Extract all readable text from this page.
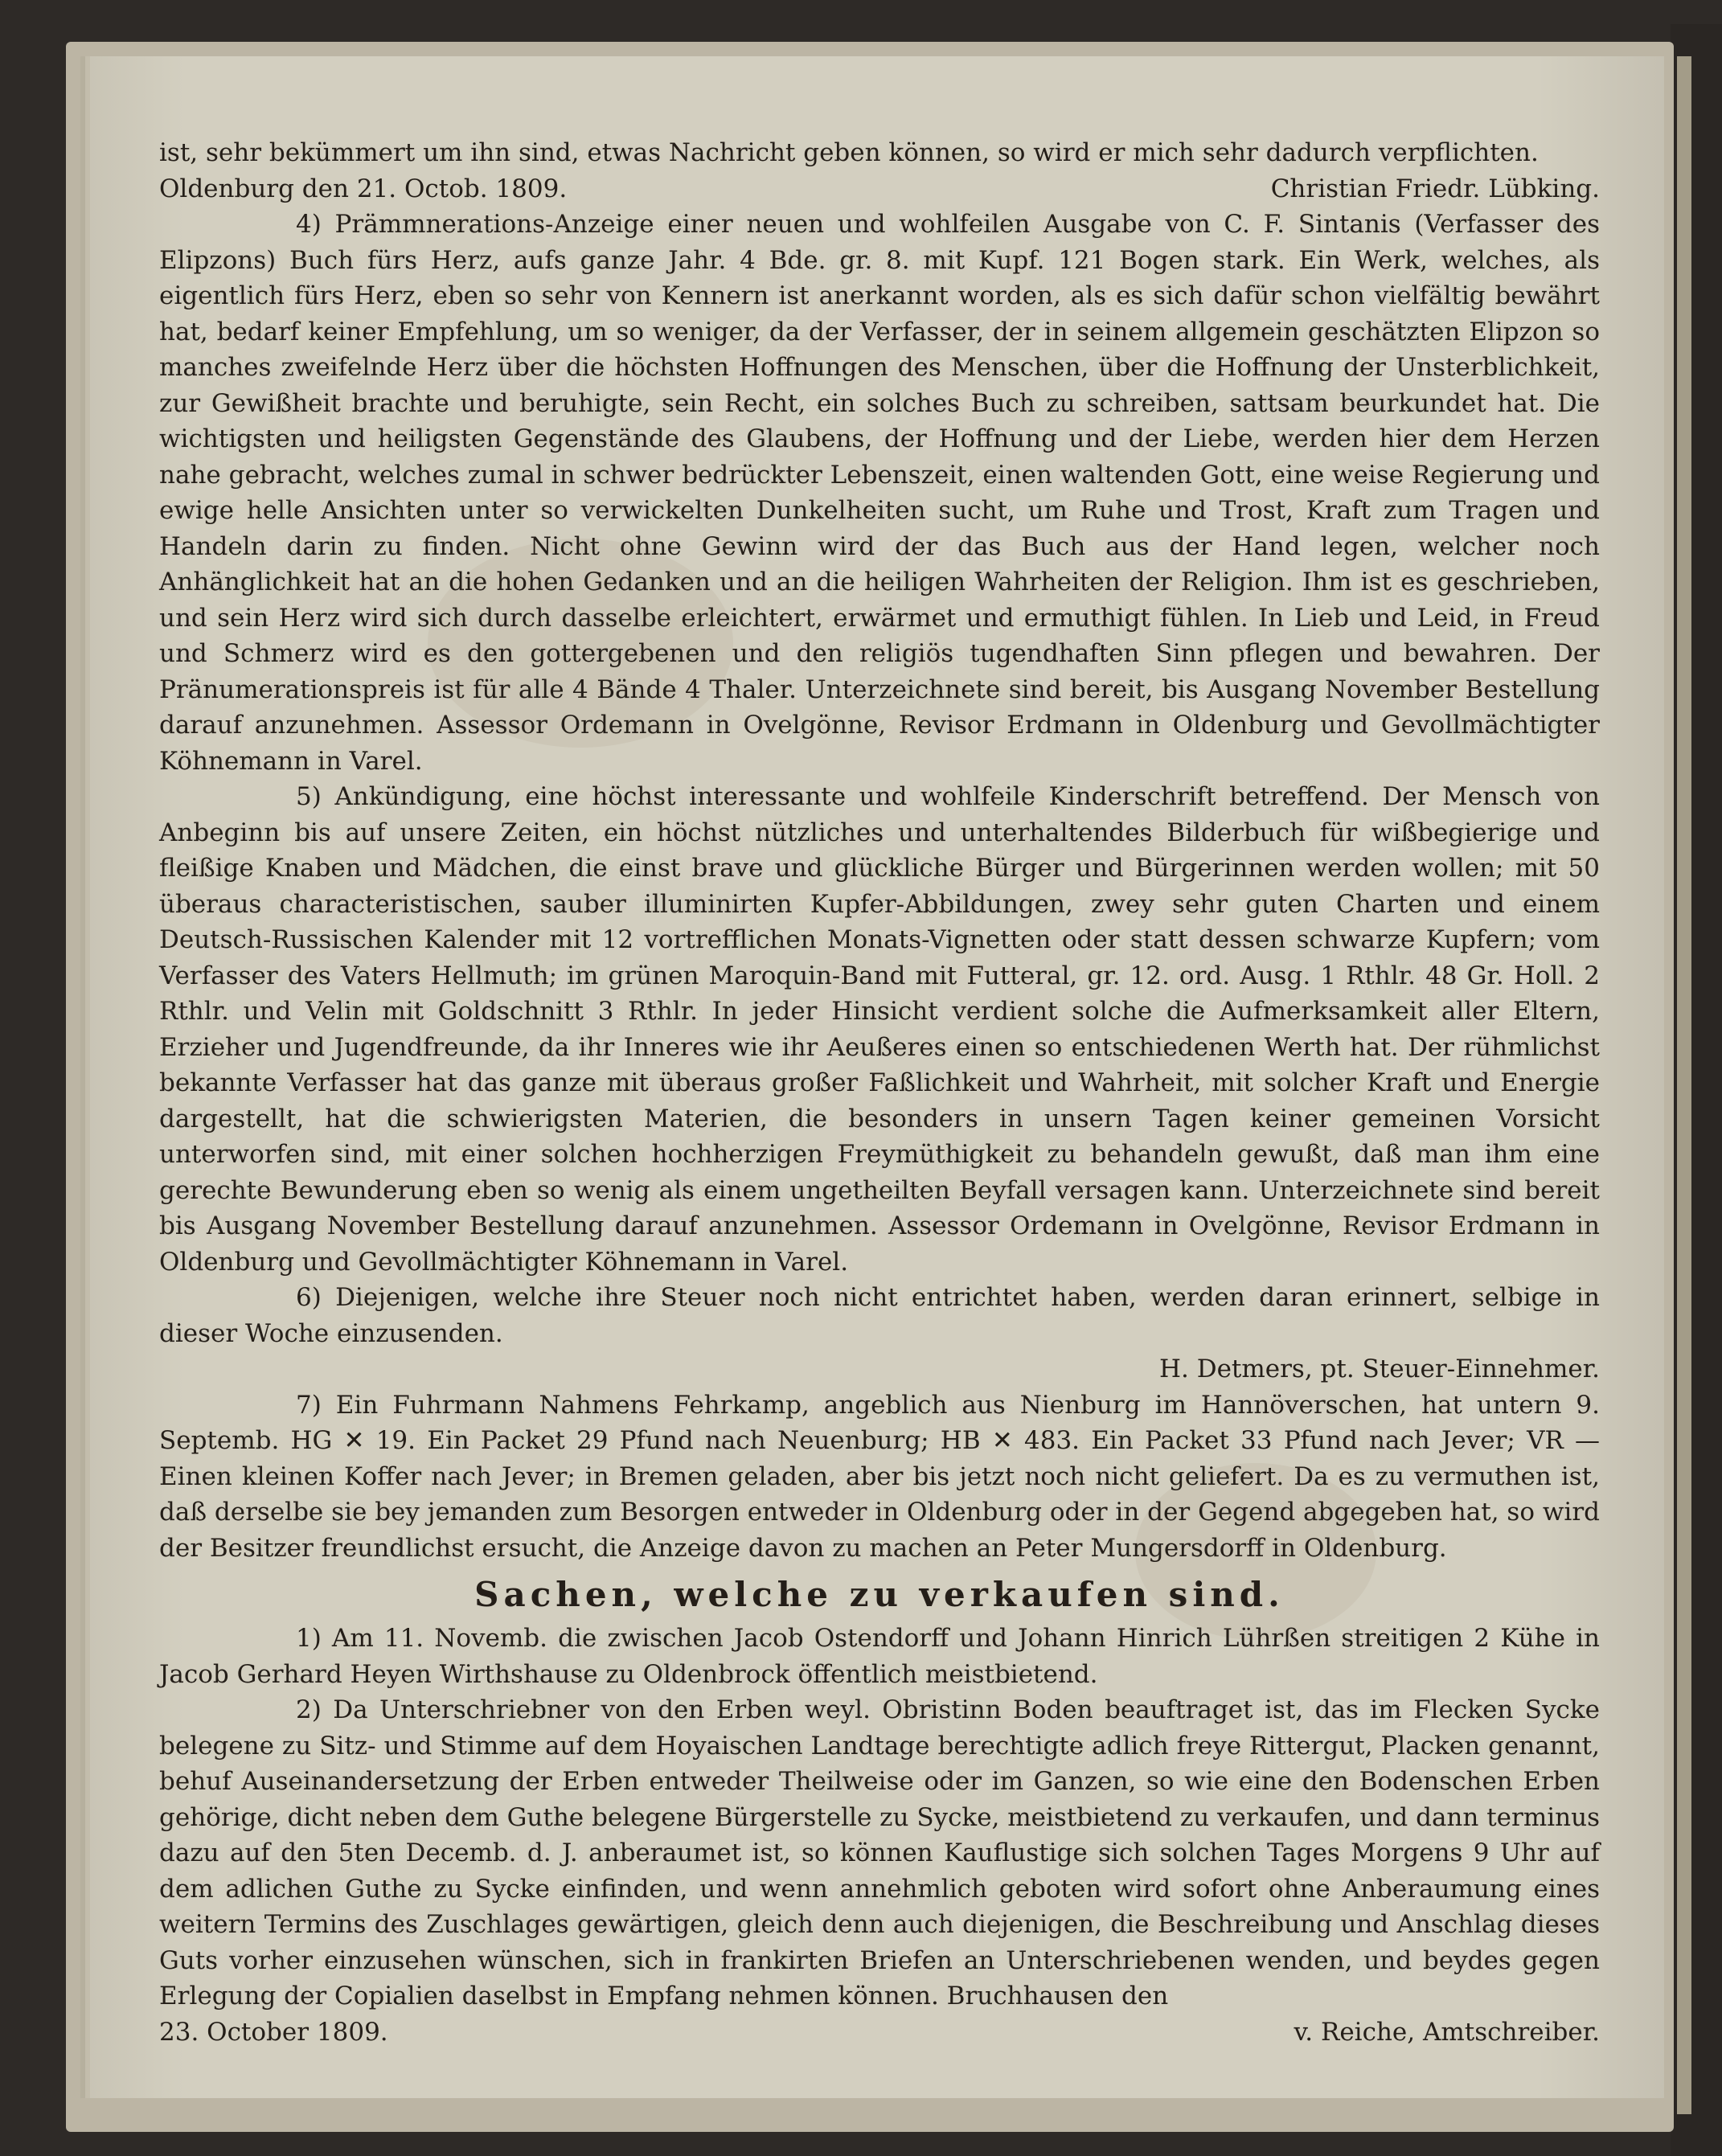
ist, sehr bekümmert um ihn sind, etwas Nachricht geben können, so wird er mich sehr dadurch verpflichten.

Oldenburg den 21. Octob. 1809.	Christian Friedr. Lübking.

4) Prämmnerations-Anzeige einer neuen und wohlfeilen Ausgabe von C. F. Sintanis (Verfasser des Elipzons) Buch fürs Herz, aufs ganze Jahr. 4 Bde. gr. 8. mit Kupf. 121 Bogen stark. Ein Werk, welches, als eigentlich fürs Herz, eben so sehr von Kennern ist anerkannt worden, als es sich dafür schon vielfältig bewährt hat, bedarf keiner Empfehlung, um so weniger, da der Verfasser, der in seinem allgemein geschätzten Elipzon so manches zweifelnde Herz über die höchsten Hoffnungen des Menschen, über die Hoffnung der Unsterblichkeit, zur Gewißheit brachte und beruhigte, sein Recht, ein solches Buch zu schreiben, sattsam beurkundet hat. Die wichtigsten und heiligsten Gegenstände des Glaubens, der Hoffnung und der Liebe, werden hier dem Herzen nahe gebracht, welches zumal in schwer bedrückter Lebenszeit, einen waltenden Gott, eine weise Regierung und ewige helle Ansichten unter so verwickelten Dunkelheiten sucht, um Ruhe und Trost, Kraft zum Tragen und Handeln darin zu finden. Nicht ohne Gewinn wird der das Buch aus der Hand legen, welcher noch Anhänglichkeit hat an die hohen Gedanken und an die heiligen Wahrheiten der Religion. Ihm ist es geschrieben, und sein Herz wird sich durch dasselbe erleichtert, erwärmet und ermuthigt fühlen. In Lieb und Leid, in Freud und Schmerz wird es den gottergebenen und den religiös tugendhaften Sinn pflegen und bewahren. Der Pränumerationspreis ist für alle 4 Bände 4 Thaler. Unterzeichnete sind bereit, bis Ausgang November Bestellung darauf anzunehmen. Assessor Ordemann in Ovelgönne, Revisor Erdmann in Oldenburg und Gevollmächtigter Köhnemann in Varel.

5) Ankündigung, eine höchst interessante und wohlfeile Kinderschrift betreffend. Der Mensch von Anbeginn bis auf unsere Zeiten, ein höchst nützliches und unterhaltendes Bilderbuch für wißbegierige und fleißige Knaben und Mädchen, die einst brave und glückliche Bürger und Bürgerinnen werden wollen; mit 50 überaus characteristischen, sauber illuminirten Kupfer-Abbildungen, zwey sehr guten Charten und einem Deutsch-Russischen Kalender mit 12 vortrefflichen Monats-Vignetten oder statt dessen schwarze Kupfern; vom Verfasser des Vaters Hellmuth; im grünen Maroquin-Band mit Futteral, gr. 12. ord. Ausg. 1 Rthlr. 48 Gr. Holl. 2 Rthlr. und Velin mit Goldschnitt 3 Rthlr. In jeder Hinsicht verdient solche die Aufmerksamkeit aller Eltern, Erzieher und Jugendfreunde, da ihr Inneres wie ihr Aeußeres einen so entschiedenen Werth hat. Der rühmlichst bekannte Verfasser hat das ganze mit überaus großer Faßlichkeit und Wahrheit, mit solcher Kraft und Energie dargestellt, hat die schwierigsten Materien, die besonders in unsern Tagen keiner gemeinen Vorsicht unterworfen sind, mit einer solchen hochherzigen Freymüthigkeit zu behandeln gewußt, daß man ihm eine gerechte Bewunderung eben so wenig als einem ungetheilten Beyfall versagen kann. Unterzeichnete sind bereit bis Ausgang November Bestellung darauf anzunehmen. Assessor Ordemann in Ovelgönne, Revisor Erdmann in Oldenburg und Gevollmächtigter Köhnemann in Varel.

6) Diejenigen, welche ihre Steuer noch nicht entrichtet haben, werden daran erinnert, selbige in dieser Woche einzusenden.

H. Detmers, pt. Steuer-Einnehmer.

7) Ein Fuhrmann Nahmens Fehrkamp, angeblich aus Nienburg im Hannöverschen, hat untern 9. Septemb. HG ✕ 19. Ein Packet 29 Pfund nach Neuenburg; HB ✕ 483. Ein Packet 33 Pfund nach Jever; VR — Einen kleinen Koffer nach Jever; in Bremen geladen, aber bis jetzt noch nicht geliefert. Da es zu vermuthen ist, daß derselbe sie bey jemanden zum Besorgen entweder in Oldenburg oder in der Gegend abgegeben hat, so wird der Besitzer freundlichst ersucht, die Anzeige davon zu machen an Peter Mungersdorff in Oldenburg.

Sachen, welche zu verkaufen sind.

1) Am 11. Novemb. die zwischen Jacob Ostendorff und Johann Hinrich Lührßen streitigen 2 Kühe in Jacob Gerhard Heyen Wirthshause zu Oldenbrock öffentlich meistbietend.

2) Da Unterschriebner von den Erben weyl. Obristinn Boden beauftraget ist, das im Flecken Sycke belegene zu Sitz- und Stimme auf dem Hoyaischen Landtage berechtigte adlich freye Rittergut, Placken genannt, behuf Auseinandersetzung der Erben entweder Theilweise oder im Ganzen, so wie eine den Bodenschen Erben gehörige, dicht neben dem Guthe belegene Bürgerstelle zu Sycke, meistbietend zu verkaufen, und dann terminus dazu auf den 5ten Decemb. d. J. anberaumet ist, so können Kauflustige sich solchen Tages Morgens 9 Uhr auf dem adlichen Guthe zu Sycke einfinden, und wenn annehmlich geboten wird sofort ohne Anberaumung eines weitern Termins des Zuschlages gewärtigen, gleich denn auch diejenigen, die Beschreibung und Anschlag dieses Guts vorher einzusehen wünschen, sich in frankirten Briefen an Unterschriebenen wenden, und beydes gegen Erlegung der Copialien daselbst in Empfang nehmen können. Bruchhausen den

23. October 1809.	v. Reiche, Amtschreiber.
